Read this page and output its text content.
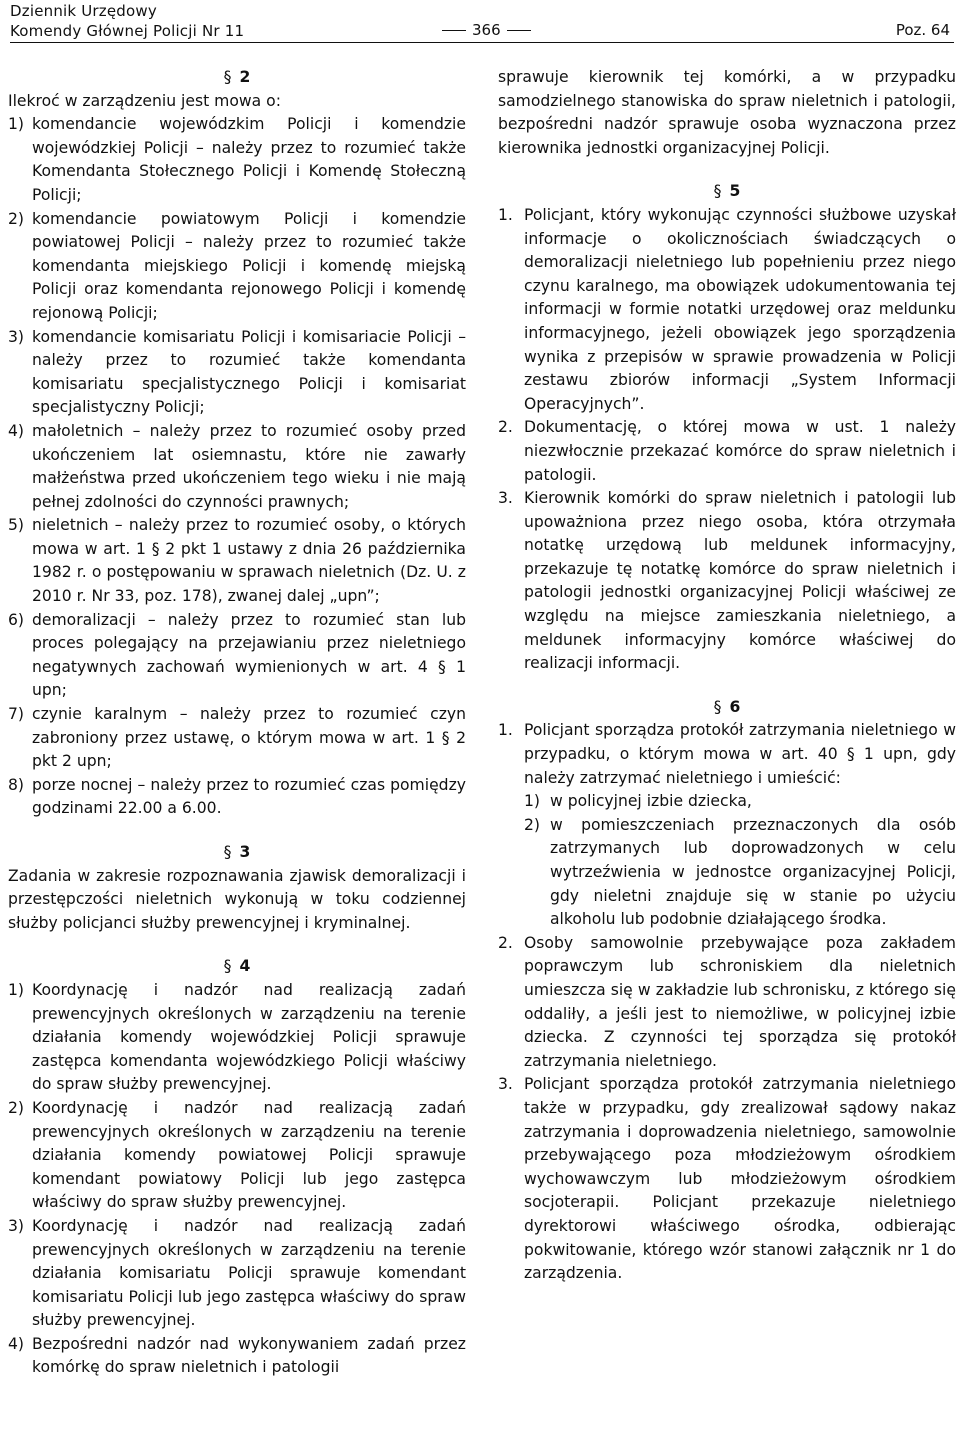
Dziennik Urzędowy
Komendy Głównej Policji Nr 11	366	Poz. 64

§ 2

Ilekroć w zarządzeniu jest mowa o:

1) komendancie wojewódzkim Policji i komendzie wojewódzkiej Policji – należy przez to rozumieć także Komendanta Stołecznego Policji i Komendę Stołeczną Policji;
2) komendancie powiatowym Policji i komendzie powiatowej Policji – należy przez to rozumieć także komendanta miejskiego Policji i komendę miejską Policji oraz komendanta rejonowego Policji i komendę rejonową Policji;
3) komendancie komisariatu Policji i komisariacie Policji – należy przez to rozumieć także komendanta komisariatu specjalistycznego Policji i komisariat specjalistyczny Policji;
4) małoletnich – należy przez to rozumieć osoby przed ukończeniem lat osiemnastu, które nie zawarły małżeństwa przed ukończeniem tego wieku i nie mają pełnej zdolności do czynności prawnych;
5) nieletnich – należy przez to rozumieć osoby, o których mowa w art. 1 § 2 pkt 1 ustawy z dnia 26 października 1982 r. o postępowaniu w sprawach nieletnich (Dz. U. z 2010 r. Nr 33, poz. 178), zwanej dalej „upn”;
6) demoralizacji – należy przez to rozumieć stan lub proces polegający na przejawianiu przez nieletniego negatywnych zachowań wymienionych w art. 4 § 1 upn;
7) czynie karalnym – należy przez to rozumieć czyn zabroniony przez ustawę, o którym mowa w art. 1 § 2 pkt 2 upn;
8) porze nocnej – należy przez to rozumieć czas pomiędzy godzinami 22.00 a 6.00.

§ 3

Zadania w zakresie rozpoznawania zjawisk demoralizacji i przestępczości nieletnich wykonują w toku codziennej służby policjanci służby prewencyjnej i kryminalnej.

§ 4

1) Koordynację i nadzór nad realizacją zadań prewencyjnych określonych w zarządzeniu na terenie działania komendy wojewódzkiej Policji sprawuje zastępca komendanta wojewódzkiego Policji właściwy do spraw służby prewencyjnej.
2) Koordynację i nadzór nad realizacją zadań prewencyjnych określonych w zarządzeniu na terenie działania komendy powiatowej Policji sprawuje komendant powiatowy Policji lub jego zastępca właściwy do spraw służby prewencyjnej.
3) Koordynację i nadzór nad realizacją zadań prewencyjnych określonych w zarządzeniu na terenie działania komisariatu Policji sprawuje komendant komisariatu Policji lub jego zastępca właściwy do spraw służby prewencyjnej.
4) Bezpośredni nadzór nad wykonywaniem zadań przez komórkę do spraw nieletnich i patologii

sprawuje kierownik tej komórki, a w przypadku samodzielnego stanowiska do spraw nieletnich i patologii, bezpośredni nadzór sprawuje osoba wyznaczona przez kierownika jednostki organizacyjnej Policji.

§ 5

1. Policjant, który wykonując czynności służbowe uzyskał informacje o okolicznościach świadczących o demoralizacji nieletniego lub popełnieniu przez niego czynu karalnego, ma obowiązek udokumentowania tej informacji w formie notatki urzędowej oraz meldunku informacyjnego, jeżeli obowiązek jego sporządzenia wynika z przepisów w sprawie prowadzenia w Policji zestawu zbiorów informacji „System Informacji Operacyjnych”.
2. Dokumentację, o której mowa w ust. 1 należy niezwłocznie przekazać komórce do spraw nieletnich i patologii.
3. Kierownik komórki do spraw nieletnich i patologii lub upoważniona przez niego osoba, która otrzymała notatkę urzędową lub meldunek informacyjny, przekazuje tę notatkę komórce do spraw nieletnich i patologii jednostki organizacyjnej Policji właściwej ze względu na miejsce zamieszkania nieletniego, a meldunek informacyjny komórce właściwej do realizacji informacji.

§ 6

1. Policjant sporządza protokół zatrzymania nieletniego w przypadku, o którym mowa w art. 40 § 1 upn, gdy należy zatrzymać nieletniego i umieścić:
1) w policyjnej izbie dziecka,
2) w pomieszczeniach przeznaczonych dla osób zatrzymanych lub doprowadzonych w celu wytrzeźwienia w jednostce organizacyjnej Policji, gdy nieletni znajduje się w stanie po użyciu alkoholu lub podobnie działającego środka.
2. Osoby samowolnie przebywające poza zakładem poprawczym lub schroniskiem dla nieletnich umieszcza się w zakładzie lub schronisku, z którego się oddaliły, a jeśli jest to niemożliwe, w policyjnej izbie dziecka. Z czynności tej sporządza się protokół zatrzymania nieletniego.
3. Policjant sporządza protokół zatrzymania nieletniego także w przypadku, gdy zrealizował sądowy nakaz zatrzymania i doprowadzenia nieletniego, samowolnie przebywającego poza młodzieżowym ośrodkiem wychowawczym lub młodzieżowym ośrodkiem socjoterapii. Policjant przekazuje nieletniego dyrektorowi właściwego ośrodka, odbierając pokwitowanie, którego wzór stanowi załącznik nr 1 do zarządzenia.
